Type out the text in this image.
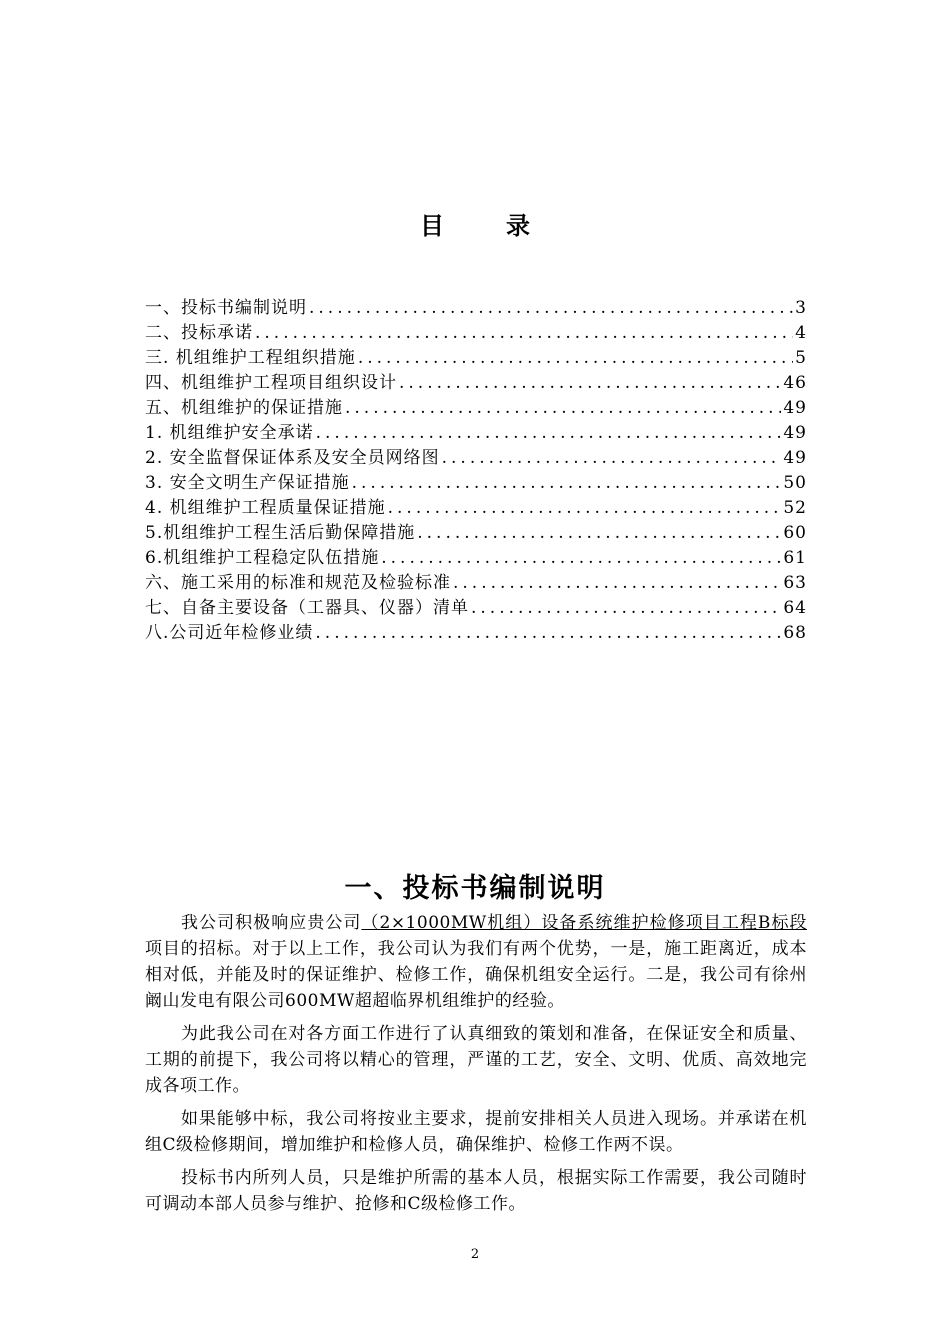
目	录
一、投标书编制说明 .....	3
二、投标承诺 .....	4
三. 机组维护工程组织措施 .....	5
四、机组维护工程项目组织设计 .....	46
五、机组维护的保证措施 .....	49
1. 机组维护安全承诺 .....	49
2. 安全监督保证体系及安全员网络图 .....	49
3. 安全文明生产保证措施 .....	50
4. 机组维护工程质量保证措施 .....	52
5.机组维护工程生活后勤保障措施 .....	60
6.机组维护工程稳定队伍措施 .....	61
六、施工采用的标准和规范及检验标准 .....	63
七、自备主要设备（工器具、仪器）清单 .....	64
八.公司近年检修业绩 .....	68
一、投标书编制说明

我公司积极响应贵公司（2×1000MW机组）设备系统维护检修项目工程B标段项目的招标。对于以上工作，我公司认为我们有两个优势，一是，施工距离近，成本相对低，并能及时的保证维护、检修工作，确保机组安全运行。二是，我公司有徐州阚山发电有限公司600MW超超临界机组维护的经验。

为此我公司在对各方面工作进行了认真细致的策划和准备，在保证安全和质量、工期的前提下，我公司将以精心的管理，严谨的工艺，安全、文明、优质、高效地完成各项工作。

如果能够中标，我公司将按业主要求，提前安排相关人员进入现场。并承诺在机组C级检修期间，增加维护和检修人员，确保维护、检修工作两不误。

投标书内所列人员，只是维护所需的基本人员，根据实际工作需要，我公司随时可调动本部人员参与维护、抢修和C级检修工作。

2
